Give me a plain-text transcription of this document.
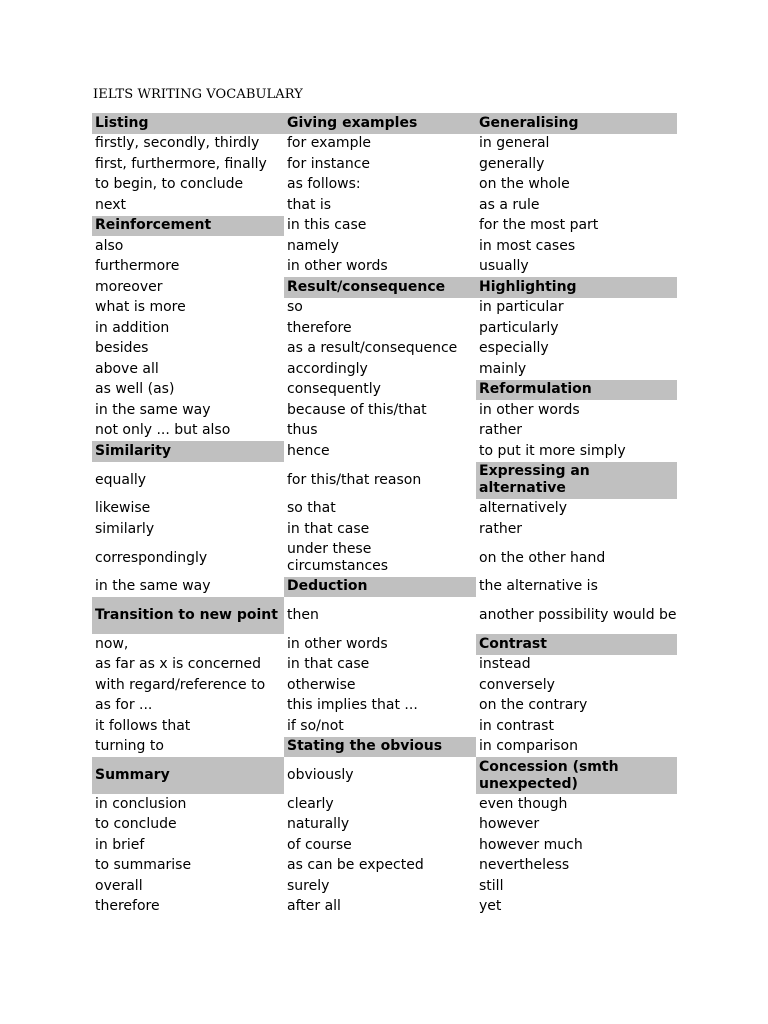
IELTS WRITING VOCABULARY
Listing	Giving examples	Generalising
firstly, secondly, thirdly	for example	in general
first, furthermore, finally	for instance	generally
to begin, to conclude	as follows:	on the whole
next	that is	as a rule
Reinforcement	in this case	for the most part
also	namely	in most cases
furthermore	in other words	usually
moreover	Result/consequence	Highlighting
what is more	so	in particular
in addition	therefore	particularly
besides	as a result/consequence	especially
above all	accordingly	mainly
as well (as)	consequently	Reformulation
in the same way	because of this/that	in other words
not only ... but also	thus	rather
Similarity	hence	to put it more simply
equally	for this/that reason	Expressing an alternative
likewise	so that	alternatively
similarly	in that case	rather
correspondingly	under these circumstances	on the other hand
in the same way	Deduction	the alternative is
Transition to new point	then	another possibility would be
now,	in other words	Contrast
as far as x is concerned	in that case	instead
with regard/reference to	otherwise	conversely
as for ...	this implies that ...	on the contrary
it follows that	if so/not	in contrast
turning to	Stating the obvious	in comparison
Summary	obviously	Concession (smth unexpected)
in conclusion	clearly	even though
to conclude	naturally	however
in brief	of course	however much
to summarise	as can be expected	nevertheless
overall	surely	still
therefore	after all	yet
